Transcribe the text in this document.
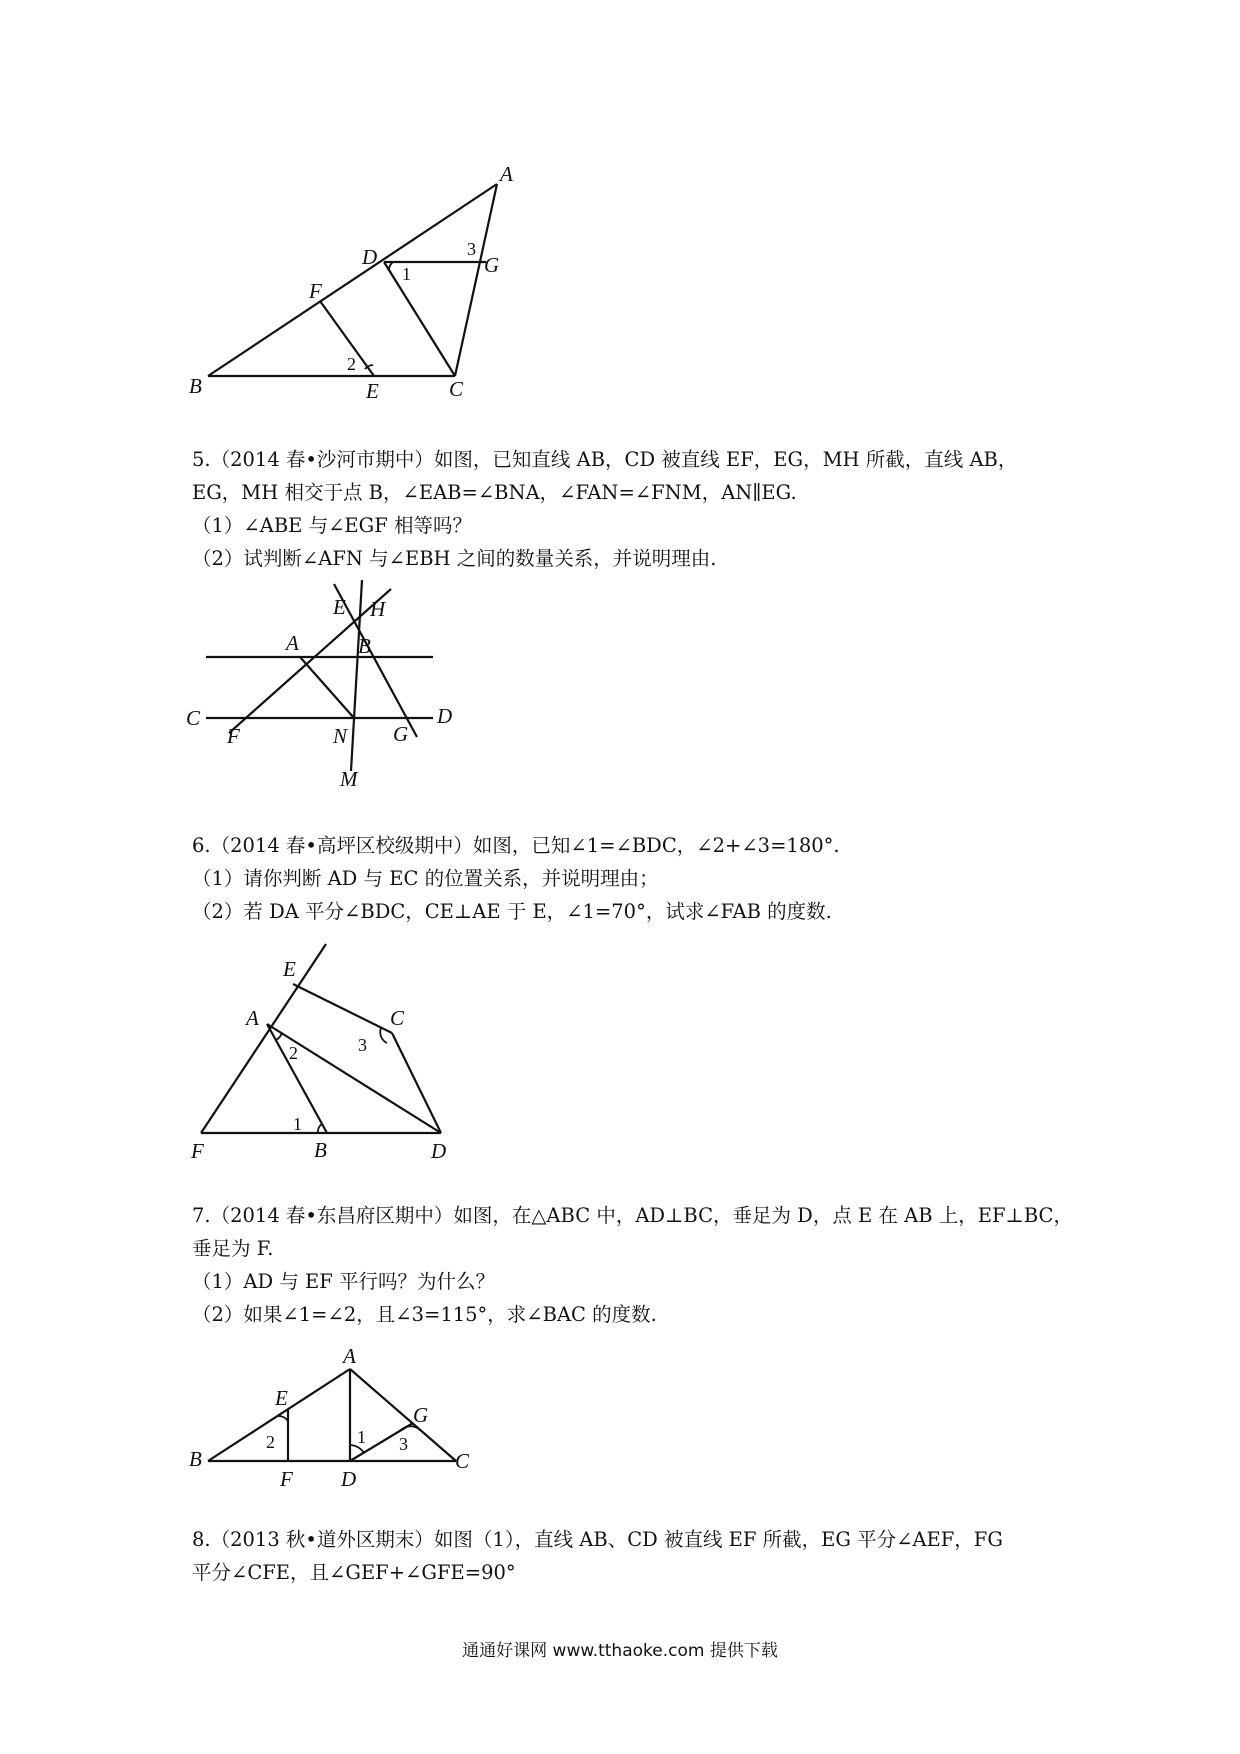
A
D	G
F
B	E	C
3
1
2

5.（2014 春•沙河市期中）如图，已知直线 AB，CD 被直线 EF，EG，MH 所截，直线 AB，

EG，MH 相交于点 B，∠EAB=∠BNA，∠FAN=∠FNM，AN∥EG.

（1）∠ABE 与∠EGF 相等吗？

（2）试判断∠AFN 与∠EBH 之间的数量关系，并说明理由.

E H
A	B
C	D
F	N G
M

6.（2014 春•高坪区校级期中）如图，已知∠1=∠BDC，∠2+∠3=180°.

（1）请你判断 AD 与 EC 的位置关系，并说明理由；

（2）若 DA 平分∠BDC，CE⊥AE 于 E，∠1=70°，试求∠FAB 的度数.

E
A	C
3
2
1
F	B	D

7.（2014 春•东昌府区期中）如图，在△ABC 中，AD⊥BC，垂足为 D，点 E 在 AB 上，EF⊥BC，

垂足为 F.

（1）AD 与 EF 平行吗？为什么？

（2）如果∠1=∠2，且∠3=115°，求∠BAC 的度数.

A
E
G
2	1 3
B
F D
C

8.（2013 秋•道外区期末）如图（1），直线 AB、CD 被直线 EF 所截，EG 平分∠AEF，FG

平分∠CFE，且∠GEF+∠GFE=90°

通通好课网 www.tthaoke.com 提供下载
